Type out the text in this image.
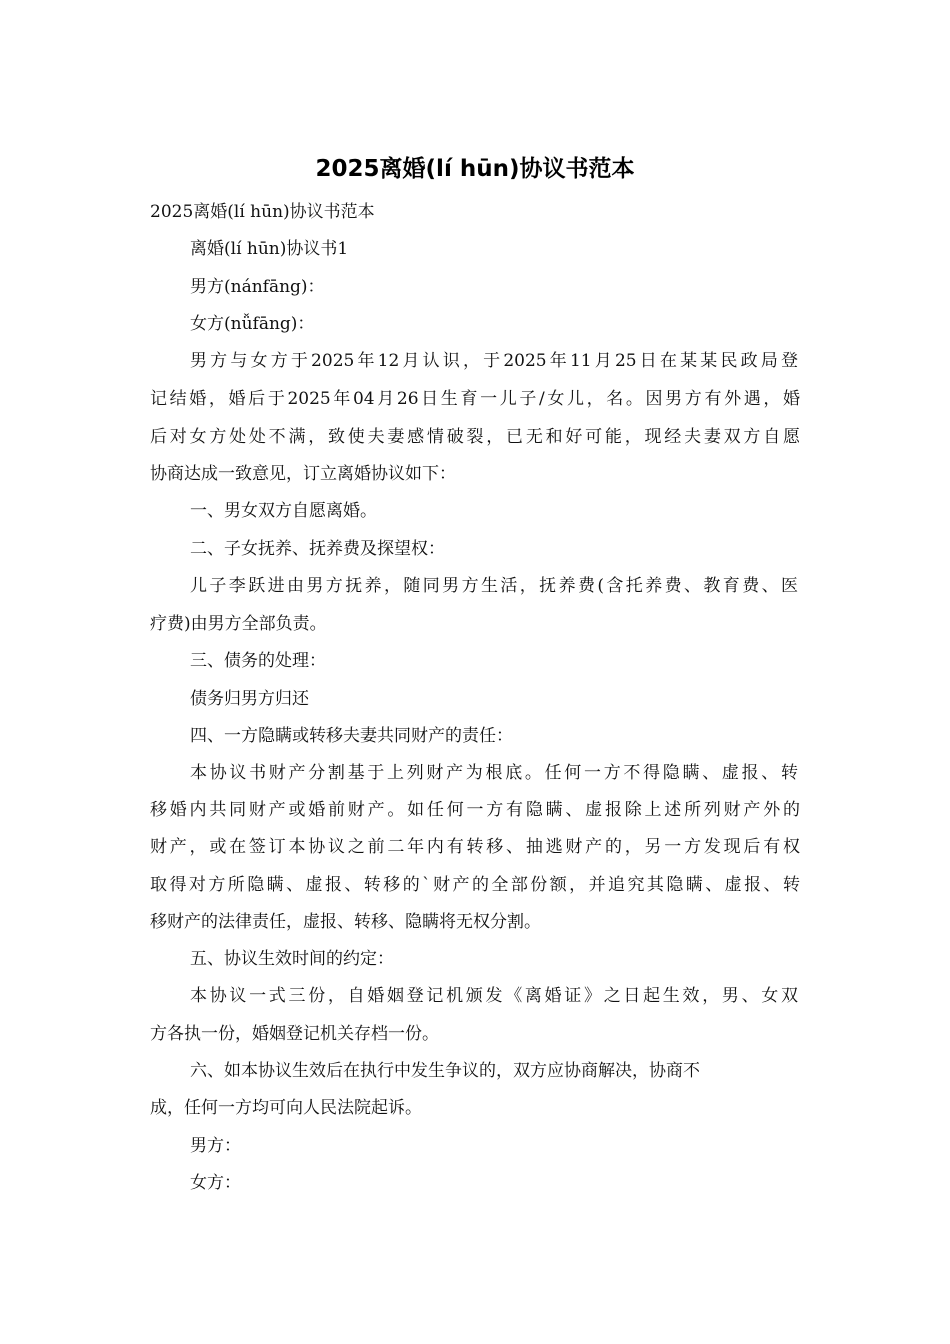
2025离婚(lí hūn)协议书范本

2025离婚(lí hūn)协议书范本

离婚(lí hūn)协议书1

男方(nánfāng)：

女方(nǚfāng)：

男方与女方于2025年12月认识，于2025年11月25日在某某民政局登

记结婚，婚后于2025年04月26日生育一儿子/女儿，名。因男方有外遇，婚

后对女方处处不满，致使夫妻感情破裂，已无和好可能，现经夫妻双方自愿

协商达成一致意见，订立离婚协议如下：

一、男女双方自愿离婚。

二、子女抚养、抚养费及探望权：

儿子李跃进由男方抚养，随同男方生活，抚养费(含托养费、教育费、医

疗费)由男方全部负责。

三、债务的处理：

债务归男方归还

四、一方隐瞒或转移夫妻共同财产的责任：

本协议书财产分割基于上列财产为根底。任何一方不得隐瞒、虚报、转

移婚内共同财产或婚前财产。如任何一方有隐瞒、虚报除上述所列财产外的

财产，或在签订本协议之前二年内有转移、抽逃财产的，另一方发现后有权

取得对方所隐瞒、虚报、转移的`财产的全部份额，并追究其隐瞒、虚报、转

移财产的法律责任，虚报、转移、隐瞒将无权分割。

五、协议生效时间的约定：

本协议一式三份，自婚姻登记机颁发《离婚证》之日起生效，男、女双

方各执一份，婚姻登记机关存档一份。

六、如本协议生效后在执行中发生争议的，双方应协商解决，协商不

成，任何一方均可向人民法院起诉。

男方：

女方：
